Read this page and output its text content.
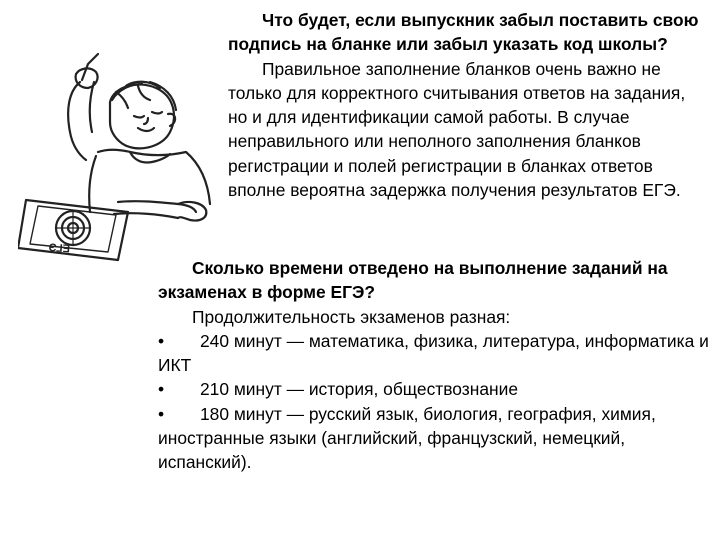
ЕГЭ

Что будет, если выпускник забыл поставить свою подпись на бланке или забыл указать код школы?

Правильное заполнение бланков очень важно не только для корректного считывания ответов на задания, но и для идентификации самой работы. В случае неправильного или неполного заполнения бланков регистрации и полей регистрации в бланках ответов вполне вероятна задержка получения результатов ЕГЭ.

Сколько времени отведено на выполнение заданий на экзаменах в форме ЕГЭ?

Продолжительность экзаменов разная:

• 240 минут — математика, физика, литература, информатика и ИКТ

• 210 минут — история, обществознание

• 180 минут — русский язык, биология, география, химия, иностранные языки (английский, французский, немецкий, испанский).
